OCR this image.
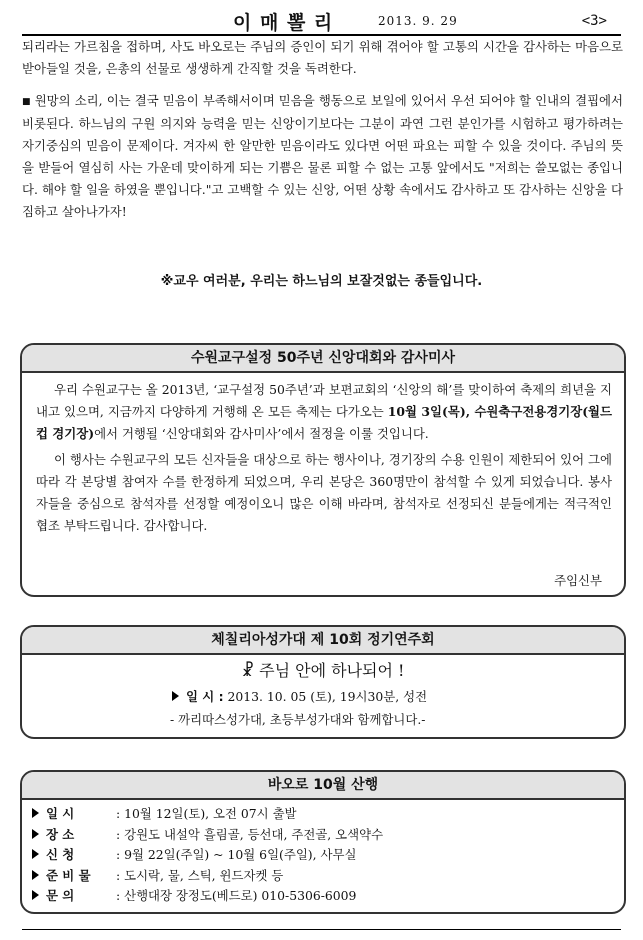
이 매 뽈 리	2013. 9. 29	<3>

되리라는 가르침을 접하며, 사도 바오로는 주님의 증인이 되기 위해 겪어야 할 고통의 시간을 감사하는 마음으로 받아들일 것을, 은총의 선물로 생생하게 간직할 것을 독려한다.

■ 원망의 소리, 이는 결국 믿음이 부족해서이며 믿음을 행동으로 보일에 있어서 우선 되어야 할 인내의 결핍에서 비롯된다. 하느님의 구원 의지와 능력을 믿는 신앙이기보다는 그분이 과연 그런 분인가를 시험하고 평가하려는 자기중심의 믿음이 문제이다. 겨자씨 한 알만한 믿음이라도 있다면 어떤 파요는 피할 수 있을 것이다. 주님의 뜻을 받들어 열심히 사는 가운데 맞이하게 되는 기쁨은 물론 피할 수 없는 고통 앞에서도 "저희는 쓸모없는 종입니다. 해야 할 일을 하였을 뿐입니다."고 고백할 수 있는 신앙, 어떤 상황 속에서도 감사하고 또 감사하는 신앙을 다짐하고 살아나가자!

※교우 여러분, 우리는 하느님의 보잘것없는 종들입니다.
수원교구설정 50주년 신앙대회와 감사미사

우리 수원교구는 올 2013년, ‘교구설정 50주년’과 보편교회의 ‘신앙의 해’를 맞이하여 축제의 희년을 지내고 있으며, 지금까지 다양하게 거행해 온 모든 축제는 다가오는 10월 3일(목), 수원축구전용경기장(월드컵 경기장)에서 거행될 ‘신앙대회와 감사미사’에서 절정을 이룰 것입니다.

이 행사는 수원교구의 모든 신자들을 대상으로 하는 행사이나, 경기장의 수용 인원이 제한되어 있어 그에 따라 각 본당별 참여자 수를 한정하게 되었으며, 우리 본당은 360명만이 참석할 수 있게 되었습니다. 봉사자들을 중심으로 참석자를 선정할 예정이오니 많은 이해 바라며, 참석자로 선정되신 분들에게는 적극적인 협조 부탁드립니다. 감사합니다.

주임신부
체칠리아성가대 제 10회 정기연주회
☧ 주님 안에 하나되어 !
일 시 : 2013. 10. 05 (토), 19시30분, 성전
- 까리따스성가대, 초등부성가대와 함께합니다.-
바오로 10월 산행
일 시	: 10월 12일(토), 오전 07시 출발
장 소	: 강원도 내설악 흘림골, 등선대, 주전골, 오색약수
신 청	: 9월 22일(주일) ~ 10월 6일(주일), 사무실
준 비 물 : 도시락, 물, 스틱, 윈드자켓 등
문 의	: 산행대장 장정도(베드로) 010-5306-6009
